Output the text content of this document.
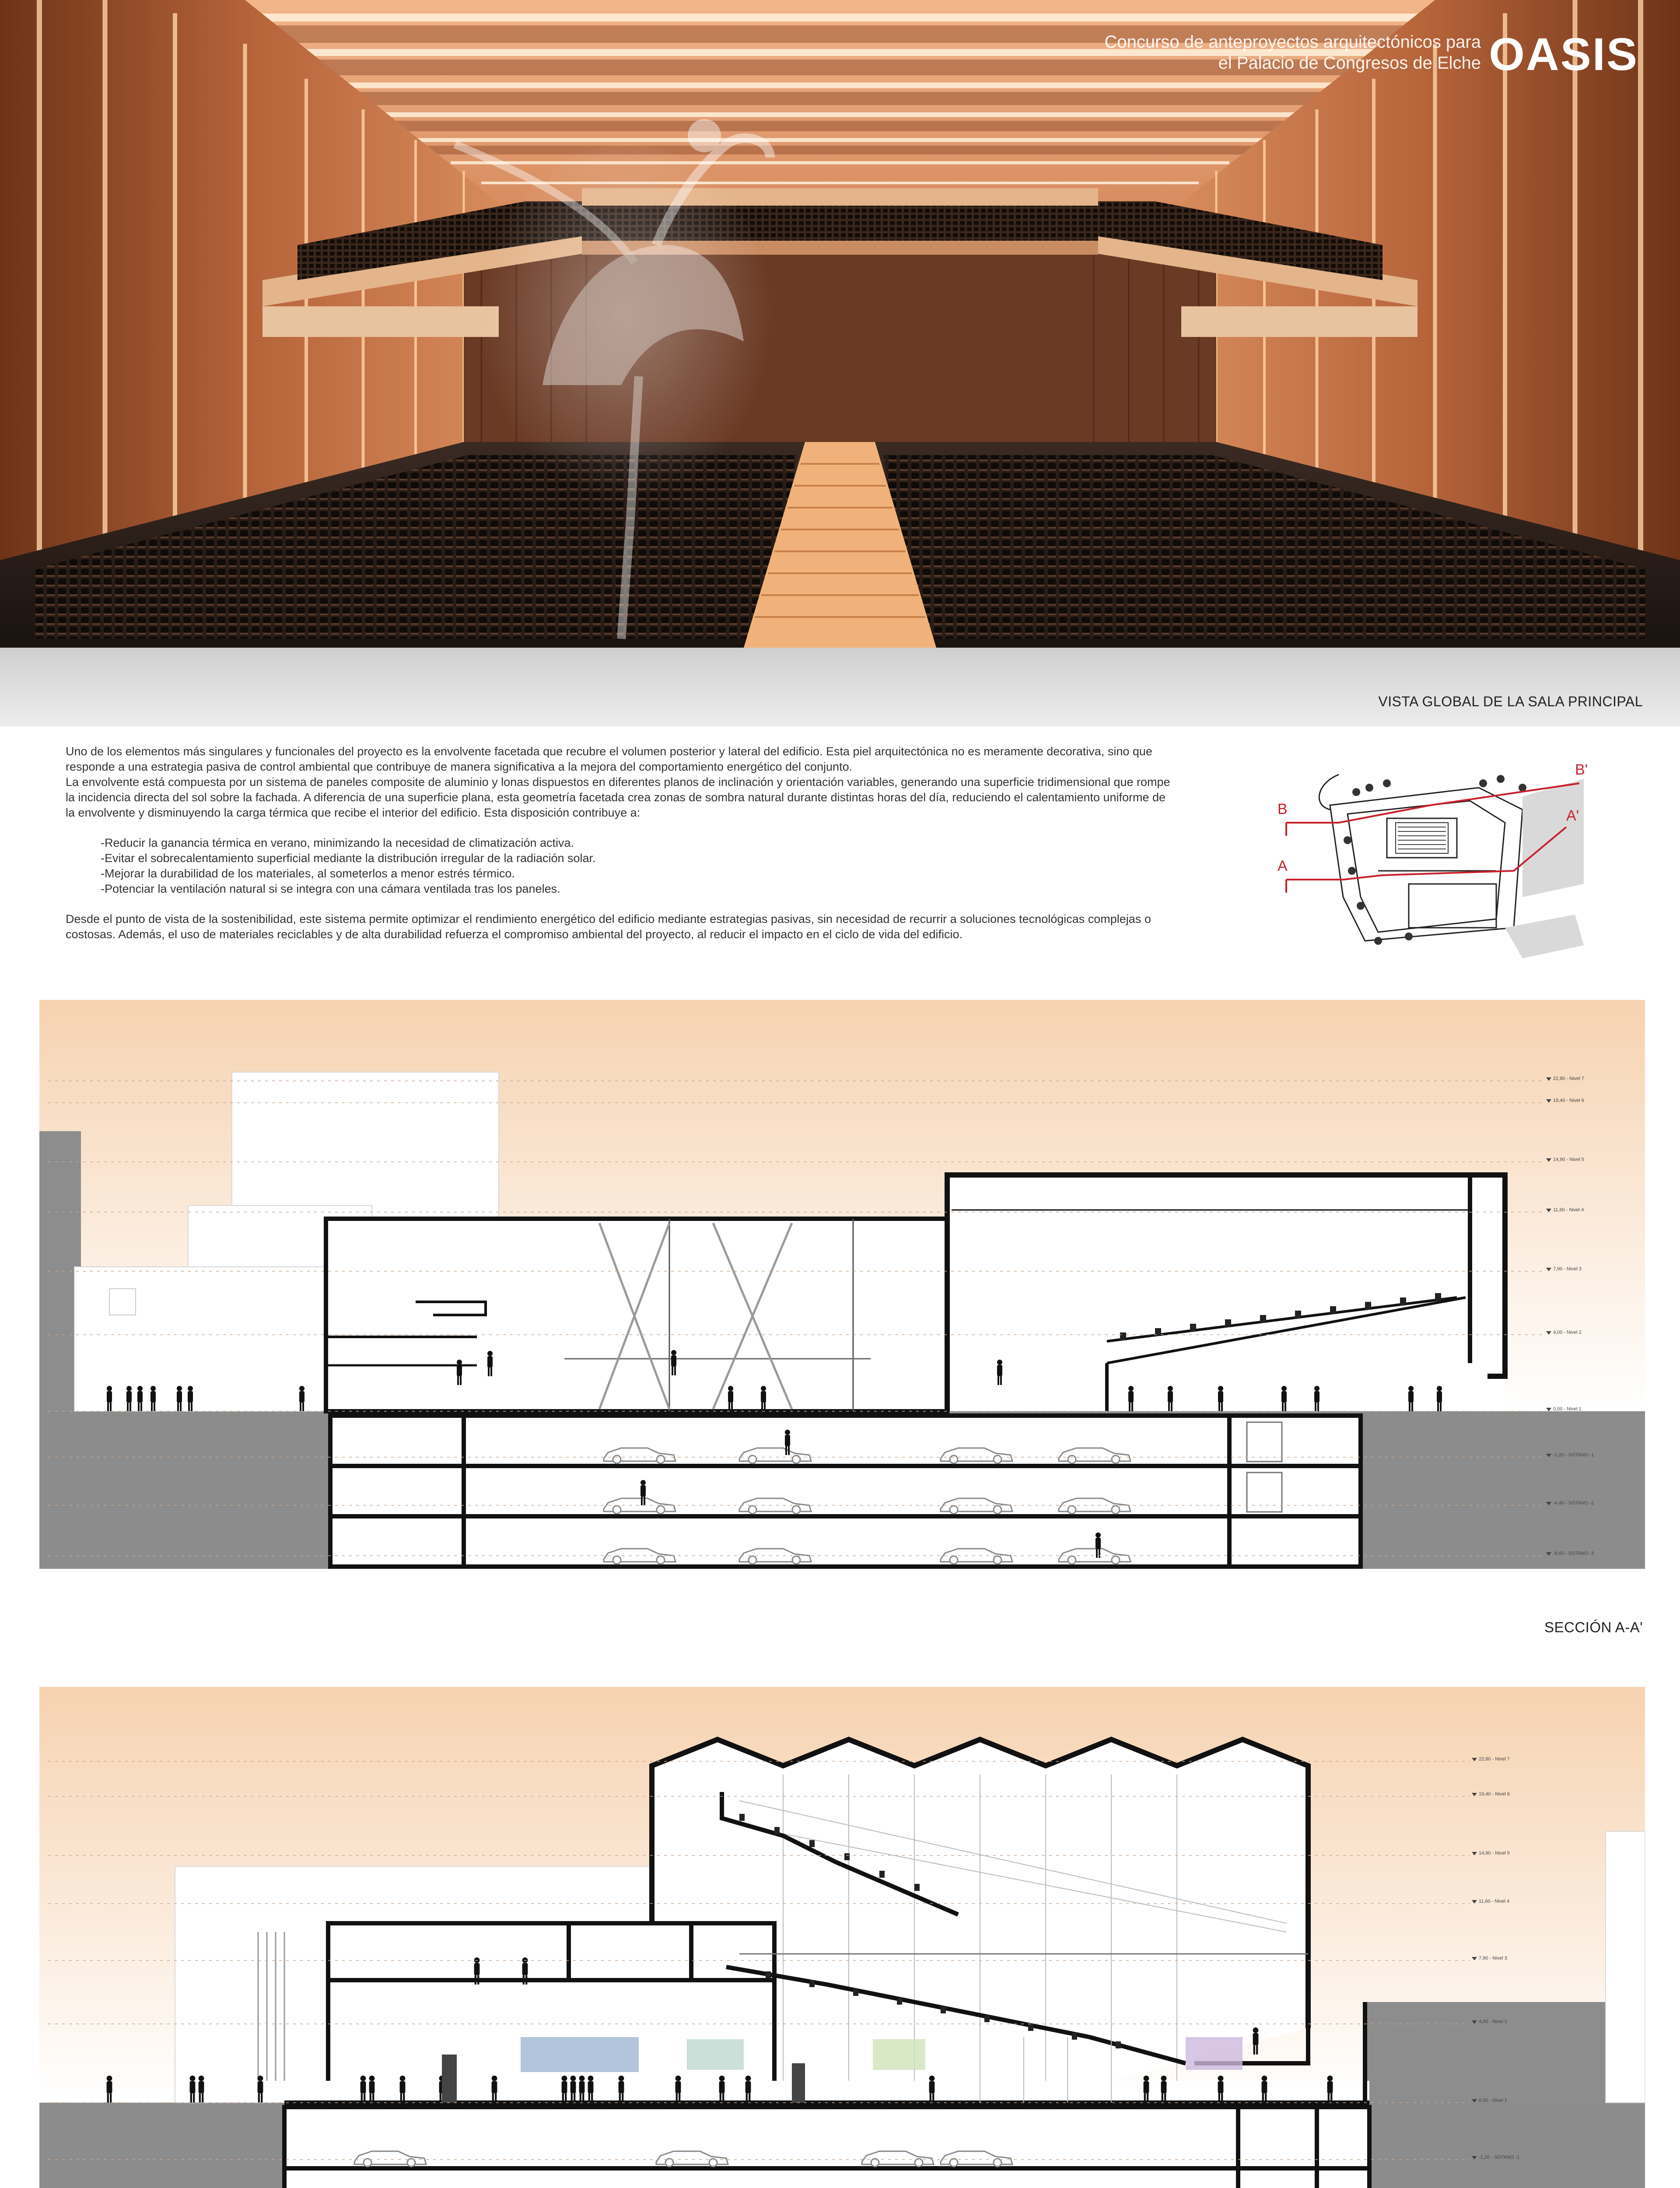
Concurso de anteproyectos arquitectónicos para
el Palacio de Congresos de Elche OASIS
VISTA GLOBAL DE LA SALA PRINCIPAL

Uno de los elementos más singulares y funcionales del proyecto es la envolvente facetada que recubre el volumen posterior y lateral del edificio. Esta piel arquitectónica no es meramente decorativa, sino que responde a una estrategia pasiva de control ambiental que contribuye de manera significativa a la mejora del comportamiento energético del conjunto.

La envolvente está compuesta por un sistema de paneles composite de aluminio y lonas dispuestos en diferentes planos de inclinación y orientación variables, generando una superficie tridimensional que rompe la incidencia directa del sol sobre la fachada. A diferencia de una superficie plana, esta geometría facetada crea zonas de sombra natural durante distintas horas del día, reduciendo el calentamiento uniforme de la envolvente y disminuyendo la carga térmica que recibe el interior del edificio. Esta disposición contribuye a:

-Reducir la ganancia térmica en verano, minimizando la necesidad de climatización activa.
-Evitar el sobrecalentamiento superficial mediante la distribución irregular de la radiación solar.
-Mejorar la durabilidad de los materiales, al someterlos a menor estrés térmico.
-Potenciar la ventilación natural si se integra con una cámara ventilada tras los paneles.

Desde el punto de vista de la sostenibilidad, este sistema permite optimizar el rendimiento energético del edificio mediante estrategias pasivas, sin necesidad de recurrir a soluciones tecnológicas complejas o costosas. Además, el uso de materiales reciclables y de alta durabilidad refuerza el compromiso ambiental del proyecto, al reducir el impacto en el ciclo de vida del edificio.

B
B'
A
A'
22,80 - Nivel 7
19,40 - Nivel 6
14,90 - Nivel 5
11,60 - Nivel 4
7,90 - Nivel 3
4,00 - Nivel 2
0,00 - Nivel 1
-1,20 - SÓTANO -1
-4,40 - SÓTANO -2
-8,60 - SÓTANO -3
SECCIÓN A-A'
22,80 - Nivel 7
19,40 - Nivel 6
14,90 - Nivel 5
11,60 - Nivel 4
7,90 - Nivel 3
4,00 - Nivel 2
0,00 - Nivel 1
-1,20 - SÓTANO -1
